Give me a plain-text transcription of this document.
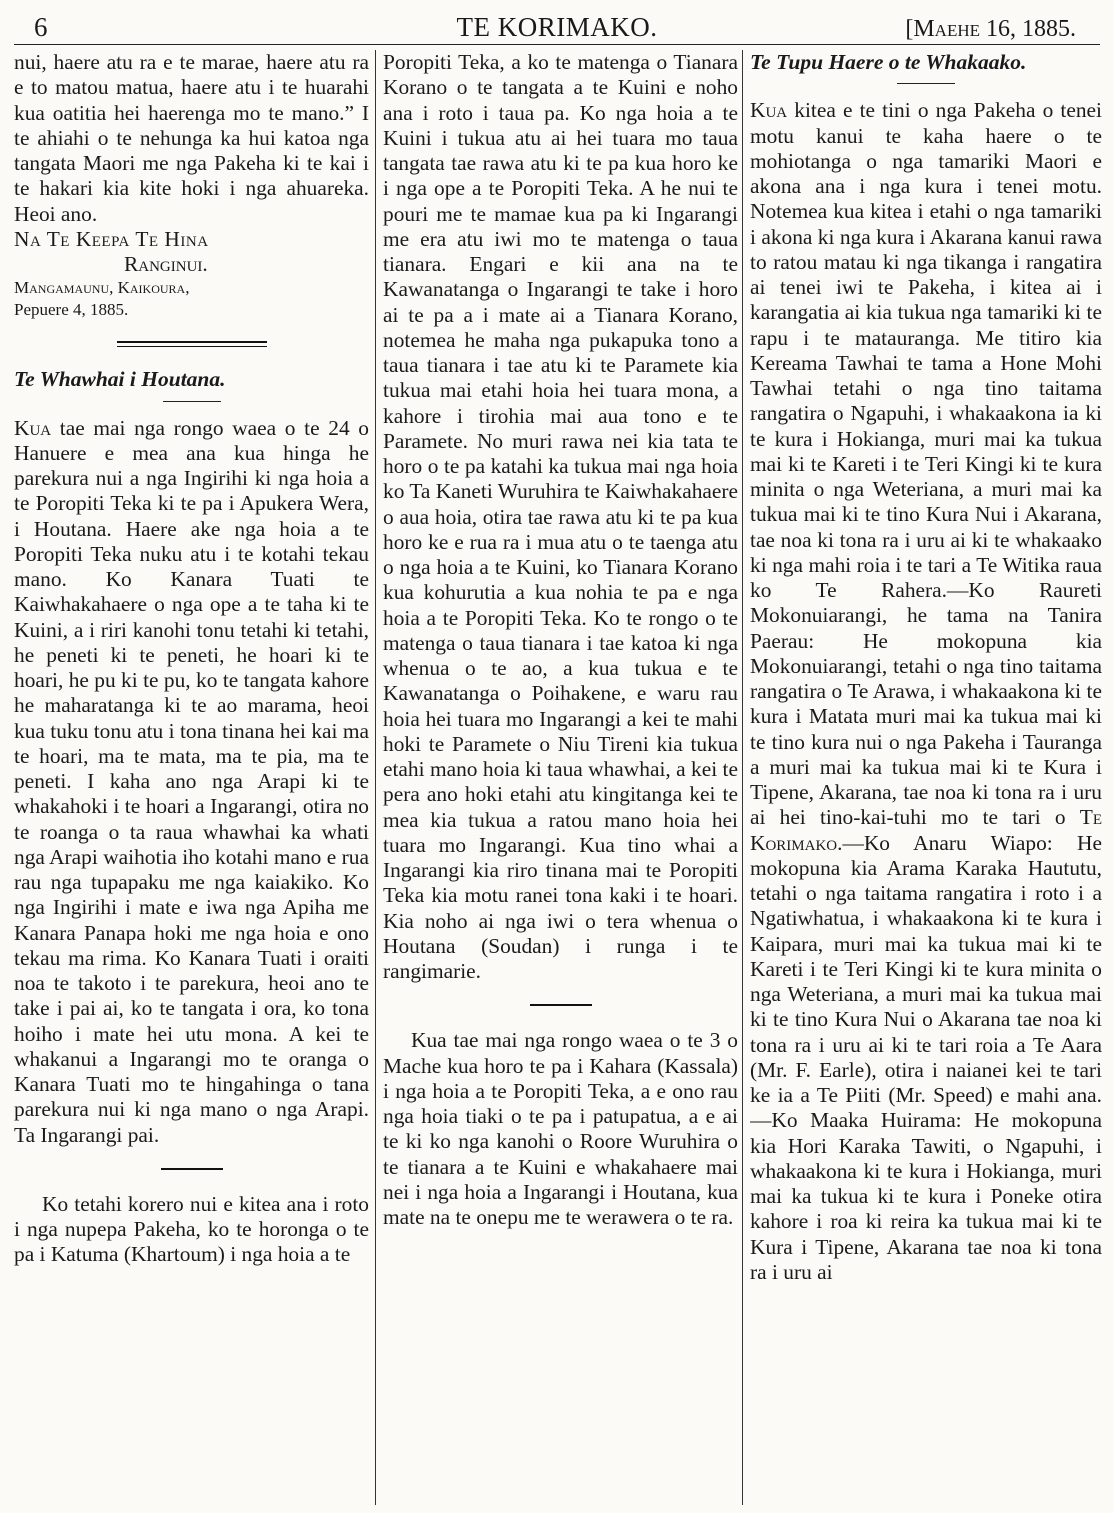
6	TE KORIMAKO.	[Maehe 16, 1885.

nui, haere atu ra e te marae, haere atu ra e to matou matua, haere atu i te huarahi kua oatitia hei haerenga mo te mano.” I te ahiahi o te nehunga ka hui katoa nga tangata Maori me nga Pakeha ki te kai i te hakari kia kite hoki i nga ahuareka. Heoi ano.

Na Te Keepa Te Hina

Ranginui.

Mangamaunu, Kaikoura,

Pepuere 4, 1885.

Te Whawhai i Houtana.

Kua tae mai nga rongo waea o te 24 o Hanuere e mea ana kua hinga he parekura nui a nga Ingirihi ki nga hoia a te Poropiti Teka ki te pa i Apukera Wera, i Houtana. Haere ake nga hoia a te Poropiti Teka nuku atu i te kotahi tekau mano. Ko Kanara Tuati te Kaiwhakahaere o nga ope a te taha ki te Kuini, a i riri kanohi tonu tetahi ki tetahi, he peneti ki te peneti, he hoari ki te hoari, he pu ki te pu, ko te tangata kahore he maharatanga ki te ao marama, heoi kua tuku tonu atu i tona tinana hei kai ma te hoari, ma te mata, ma te pia, ma te peneti. I kaha ano nga Arapi ki te whakahoki i te hoari a Ingarangi, otira no te roanga o ta raua whawhai ka whati nga Arapi waihotia iho kotahi mano e rua rau nga tupapaku me nga kaiakiko. Ko nga Ingirihi i mate e iwa nga Apiha me Kanara Panapa hoki me nga hoia e ono tekau ma rima. Ko Kanara Tuati i oraiti noa te takoto i te parekura, heoi ano te take i pai ai, ko te tangata i ora, ko tona hoiho i mate hei utu mona. A kei te whakanui a Ingarangi mo te oranga o Kanara Tuati mo te hingahinga o tana parekura nui ki nga mano o nga Arapi. Ta Ingarangi pai.

Ko tetahi korero nui e kitea ana i roto i nga nupepa Pakeha, ko te horonga o te pa i Katuma (Khartoum) i nga hoia a te

Poropiti Teka, a ko te matenga o Tianara Korano o te tangata a te Kuini e noho ana i roto i taua pa. Ko nga hoia a te Kuini i tukua atu ai hei tuara mo taua tangata tae rawa atu ki te pa kua horo ke i nga ope a te Poropiti Teka. A he nui te pouri me te mamae kua pa ki Ingarangi me era atu iwi mo te matenga o taua tianara. Engari e kii ana na te Kawanatanga o Ingarangi te take i horo ai te pa a i mate ai a Tianara Korano, notemea he maha nga pukapuka tono a taua tianara i tae atu ki te Paramete kia tukua mai etahi hoia hei tuara mona, a kahore i tirohia mai aua tono e te Paramete. No muri rawa nei kia tata te horo o te pa katahi ka tukua mai nga hoia ko Ta Kaneti Wuruhira te Kaiwhakahaere o aua hoia, otira tae rawa atu ki te pa kua horo ke e rua ra i mua atu o te taenga atu o nga hoia a te Kuini, ko Tianara Korano kua kohurutia a kua nohia te pa e nga hoia a te Poropiti Teka. Ko te rongo o te matenga o taua tianara i tae katoa ki nga whenua o te ao, a kua tukua e te Kawanatanga o Poihakene, e waru rau hoia hei tuara mo Ingarangi a kei te mahi hoki te Paramete o Niu Tireni kia tukua etahi mano hoia ki taua whawhai, a kei te pera ano hoki etahi atu kingitanga kei te mea kia tukua a ratou mano hoia hei tuara mo Ingarangi. Kua tino whai a Ingarangi kia riro tinana mai te Poropiti Teka kia motu ranei tona kaki i te hoari. Kia noho ai nga iwi o tera whenua o Houtana (Soudan) i runga i te rangimarie.

Kua tae mai nga rongo waea o te 3 o Mache kua horo te pa i Kahara (Kassala) i nga hoia a te Poropiti Teka, a e ono rau nga hoia tiaki o te pa i patupatua, a e ai te ki ko nga kanohi o Roore Wuruhira o te tianara a te Kuini e whakahaere mai nei i nga hoia a Ingarangi i Houtana, kua mate na te onepu me te werawera o te ra.

Te Tupu Haere o te Whakaako.

Kua kitea e te tini o nga Pakeha o tenei motu kanui te kaha haere o te mohiotanga o nga tamariki Maori e akona ana i nga kura i tenei motu. Notemea kua kitea i etahi o nga tamariki i akona ki nga kura i Akarana kanui rawa to ratou matau ki nga tikanga i rangatira ai tenei iwi te Pakeha, i kitea ai i karangatia ai kia tukua nga tamariki ki te rapu i te matauranga. Me titiro kia Kereama Tawhai te tama a Hone Mohi Tawhai tetahi o nga tino taitama rangatira o Ngapuhi, i whakaakona ia ki te kura i Hokianga, muri mai ka tukua mai ki te Kareti i te Teri Kingi ki te kura minita o nga Weteriana, a muri mai ka tukua mai ki te tino Kura Nui i Akarana, tae noa ki tona ra i uru ai ki te whakaako ki nga mahi roia i te tari a Te Witika raua ko Te Rahera.—Ko Raureti Mokonuiarangi, he tama na Tanira Paerau: He mokopuna kia Mokonuiarangi, tetahi o nga tino taitama rangatira o Te Arawa, i whakaakona ki te kura i Matata muri mai ka tukua mai ki te tino kura nui o nga Pakeha i Tauranga a muri mai ka tukua mai ki te Kura i Tipene, Akarana, tae noa ki tona ra i uru ai hei tino-kai-tuhi mo te tari o Te Korimako.—Ko Anaru Wiapo: He mokopuna kia Arama Karaka Haututu, tetahi o nga taitama rangatira i roto i a Ngatiwhatua, i whakaakona ki te kura i Kaipara, muri mai ka tukua mai ki te Kareti i te Teri Kingi ki te kura minita o nga Weteriana, a muri mai ka tukua mai ki te tino Kura Nui o Akarana tae noa ki tona ra i uru ai ki te tari roia a Te Aara (Mr. F. Earle), otira i naianei kei te tari ke ia a Te Piiti (Mr. Speed) e mahi ana.—Ko Maaka Huirama: He mokopuna kia Hori Karaka Tawiti, o Ngapuhi, i whakaakona ki te kura i Hokianga, muri mai ka tukua ki te kura i Poneke otira kahore i roa ki reira ka tukua mai ki te Kura i Tipene, Akarana tae noa ki tona ra i uru ai
